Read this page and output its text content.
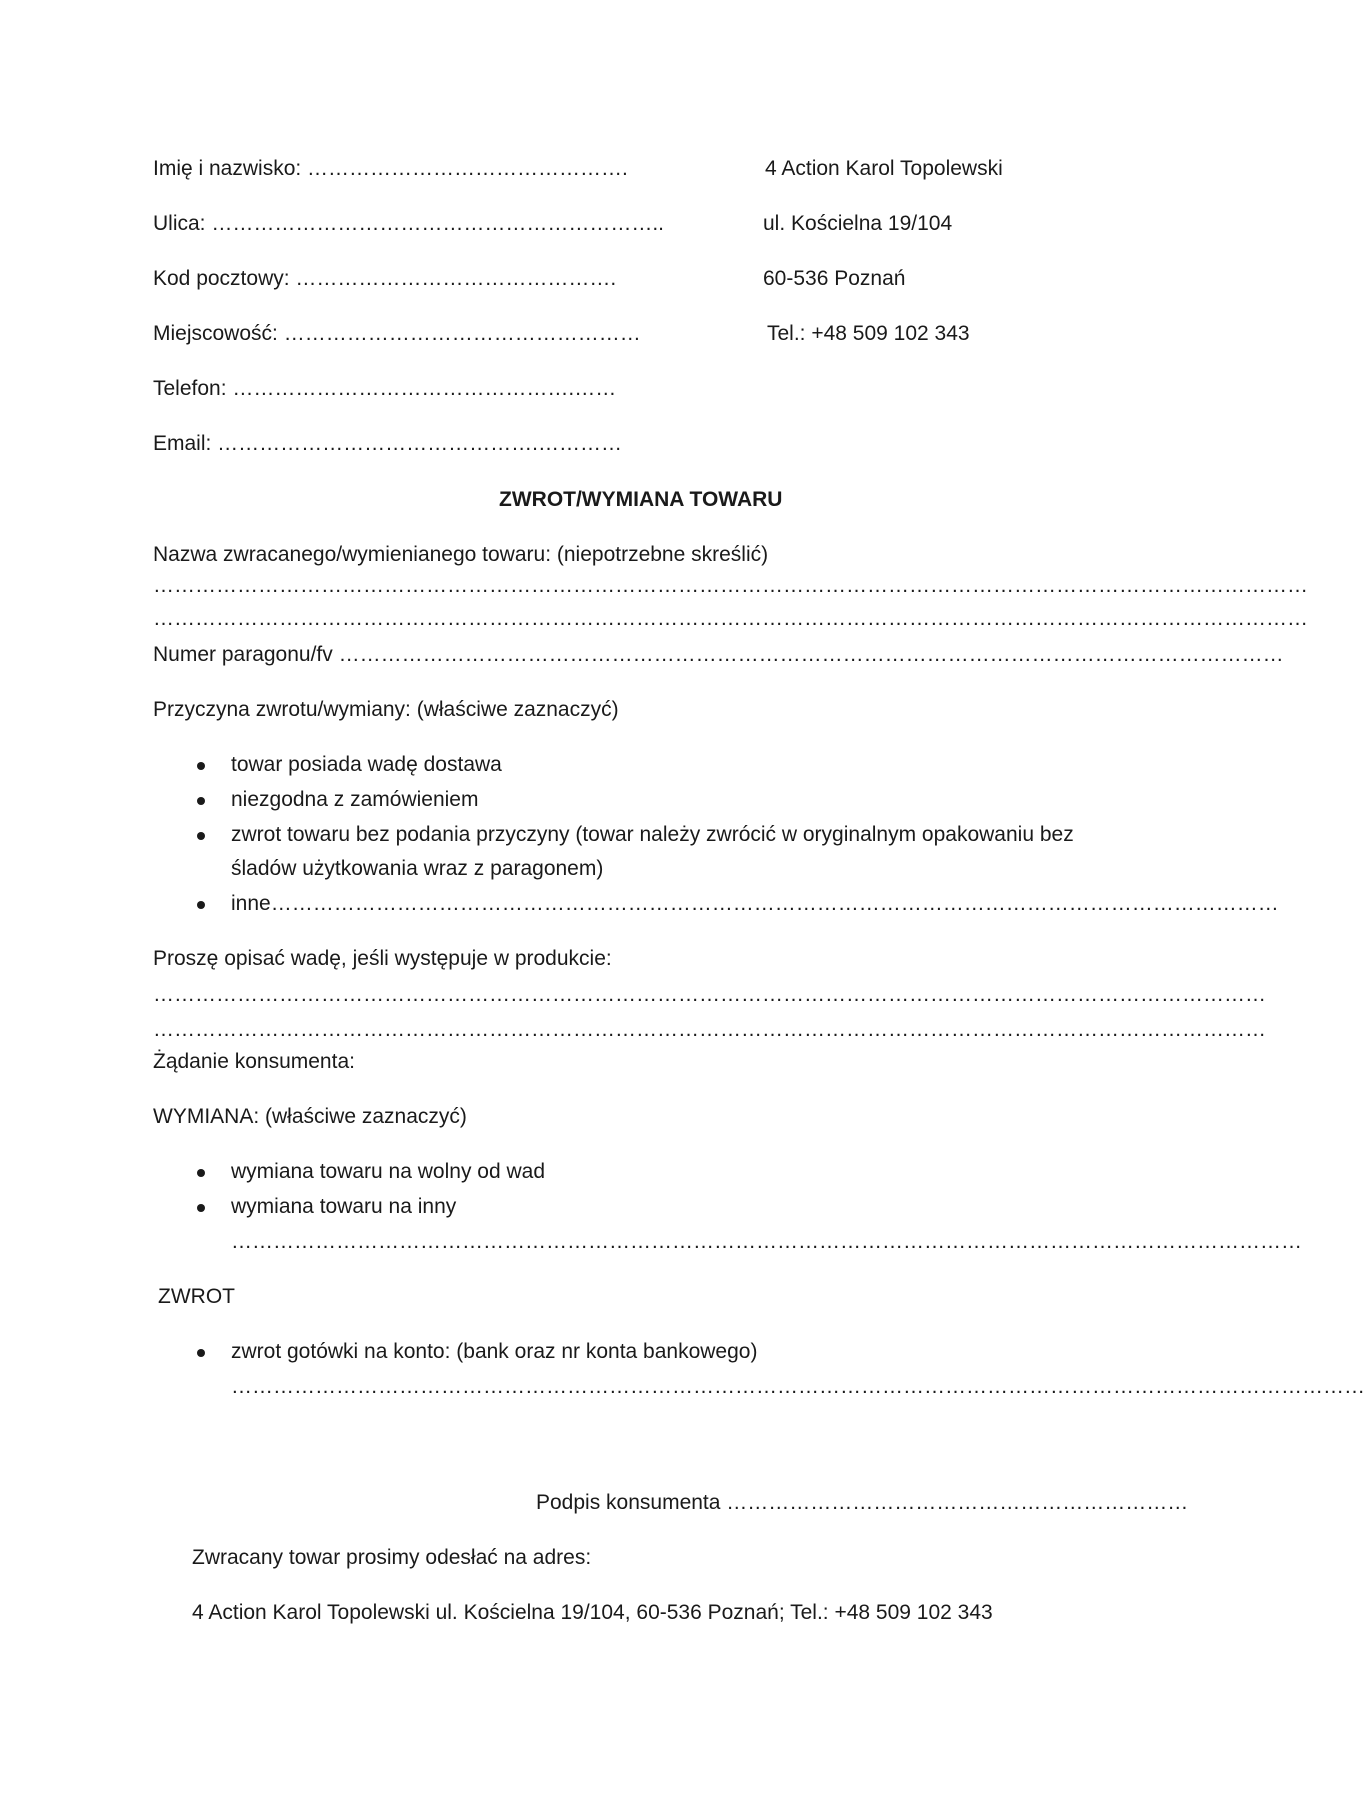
Imię i nazwisko: ……………………………………….
Ulica: ………………………………………………………..
Kod pocztowy: ……………………………………….
Miejscowość: ……………………………………………
Telefon: ………………………………………….……
Email: ……………………………………….…………
4 Action Karol Topolewski
ul. Kościelna 19/104
60-536 Poznań
Tel.: +48 509 102 343
ZWROT/WYMIANA TOWARU
Nazwa zwracanego/wymienianego towaru: (niepotrzebne skreślić)
…………………………………………………………………………………………………………………………………………………
…………………………………………………………………………………………………………………………………………………
Numer paragonu/fv ………………………………………………………………………………………………………………………
Przyczyna zwrotu/wymiany: (właściwe zaznaczyć)
towar posiada wadę dostawa
niezgodna z zamówieniem
zwrot towaru bez podania przyczyny (towar należy zwrócić w oryginalnym opakowaniu bez
śladów użytkowania wraz z paragonem)
inne………………………………………………………………………………………………………………………………
Proszę opisać wadę, jeśli występuje w produkcie:
……………………………………………………………………………………………………………………………………………
……………………………………………………………………………………………………………………………………………
Żądanie konsumenta:
WYMIANA: (właściwe zaznaczyć)
wymiana towaru na wolny od wad
wymiana towaru na inny
………………………………………………………………………………………………………………………………………
ZWROT
zwrot gotówki na konto: (bank oraz nr konta bankowego)
………………………………………………………………………………………………………………………………………………
Podpis konsumenta …………………………………………………………
Zwracany towar prosimy odesłać na adres:
4 Action Karol Topolewski ul. Kościelna 19/104, 60-536 Poznań; Tel.: +48 509 102 343
